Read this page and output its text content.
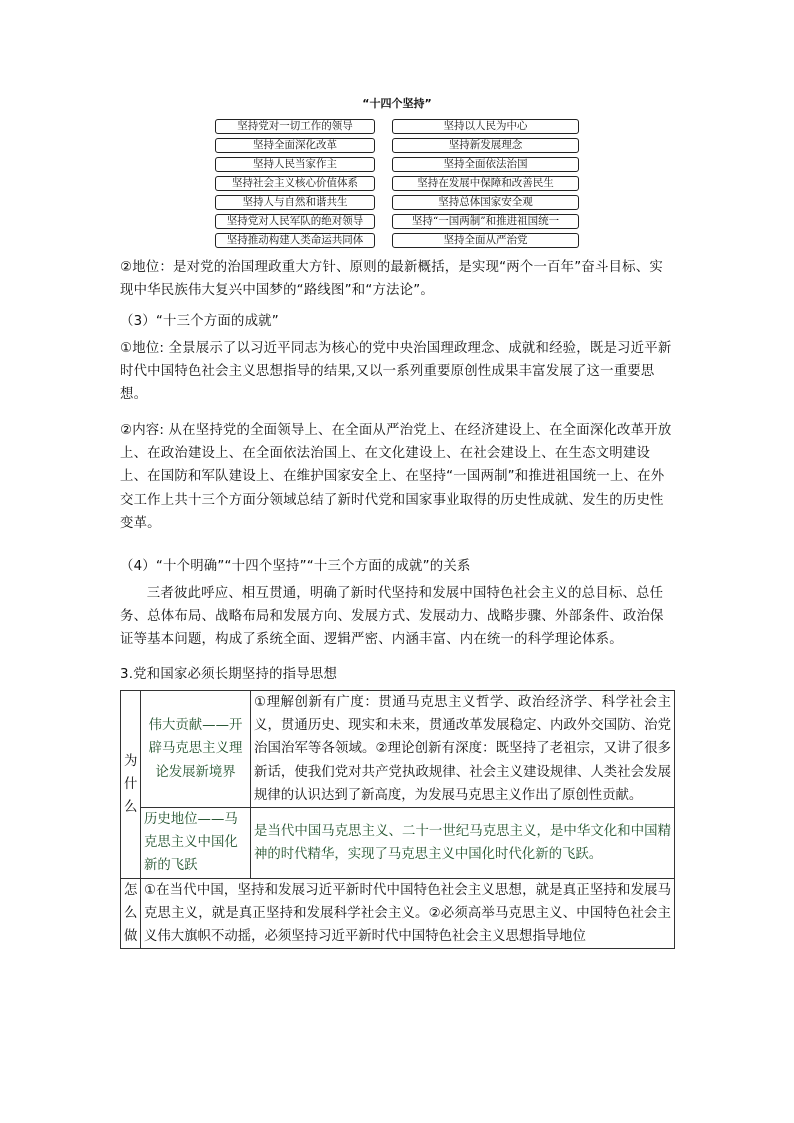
“十四个坚持”
坚持党对一切工作的领导
坚持全面深化改革
坚持人民当家作主
坚持社会主义核心价值体系
坚持人与自然和谐共生
坚持党对人民军队的绝对领导
坚持推动构建人类命运共同体
坚持以人民为中心
坚持新发展理念
坚持全面依法治国
坚持在发展中保障和改善民生
坚持总体国家安全观
坚持“一国两制”和推进祖国统一
坚持全面从严治党
②地位：是对党的治国理政重大方针、原则的最新概括，是实现“两个一百年”奋斗目标、实现中华民族伟大复兴中国梦的“路线图”和“方法论”。
（3）“十三个方面的成就”
①地位: 全景展示了以习近平同志为核心的党中央治国理政理念、成就和经验，既是习近平新时代中国特色社会主义思想指导的结果,又以一系列重要原创性成果丰富发展了这一重要思想。
②内容: 从在坚持党的全面领导上、在全面从严治党上、在经济建设上、在全面深化改革开放上、在政治建设上、在全面依法治国上、在文化建设上、在社会建设上、在生态文明建设上、在国防和军队建设上、在维护国家安全上、在坚持“一国两制”和推进祖国统一上、在外交工作上共十三个方面分领域总结了新时代党和国家事业取得的历史性成就、发生的历史性变革。
（4）“十个明确”“十四个坚持”“十三个方面的成就”的关系
三者彼此呼应、相互贯通，明确了新时代坚持和发展中国特色社会主义的总目标、总任务、总体布局、战略布局和发展方向、发展方式、发展动力、战略步骤、外部条件、政治保证等基本问题，构成了系统全面、逻辑严密、内涵丰富、内在统一的科学理论体系。
3.党和国家必须长期坚持的指导思想
为
什
么	伟大贡献——开辟马克思主义理论发展新境界	①理解创新有广度：贯通马克思主义哲学、政治经济学、科学社会主义，贯通历史、现实和未来，贯通改革发展稳定、内政外交国防、治党治国治军等各领域。②理论创新有深度：既坚持了老祖宗，又讲了很多新话，使我们党对共产党执政规律、社会主义建设规律、人类社会发展规律的认识达到了新高度，为发展马克思主义作出了原创性贡献。
	历史地位——马克思主义中国化新的飞跃	是当代中国马克思主义、二十一世纪马克思主义，是中华文化和中国精神的时代精华，实现了马克思主义中国化时代化新的飞跃。

怎
么
做	①在当代中国，坚持和发展习近平新时代中国特色社会主义思想，就是真正坚持和发展马克思主义，就是真正坚持和发展科学社会主义。②必须高举马克思主义、中国特色社会主义伟大旗帜不动摇，必须坚持习近平新时代中国特色社会主义思想指导地位	
